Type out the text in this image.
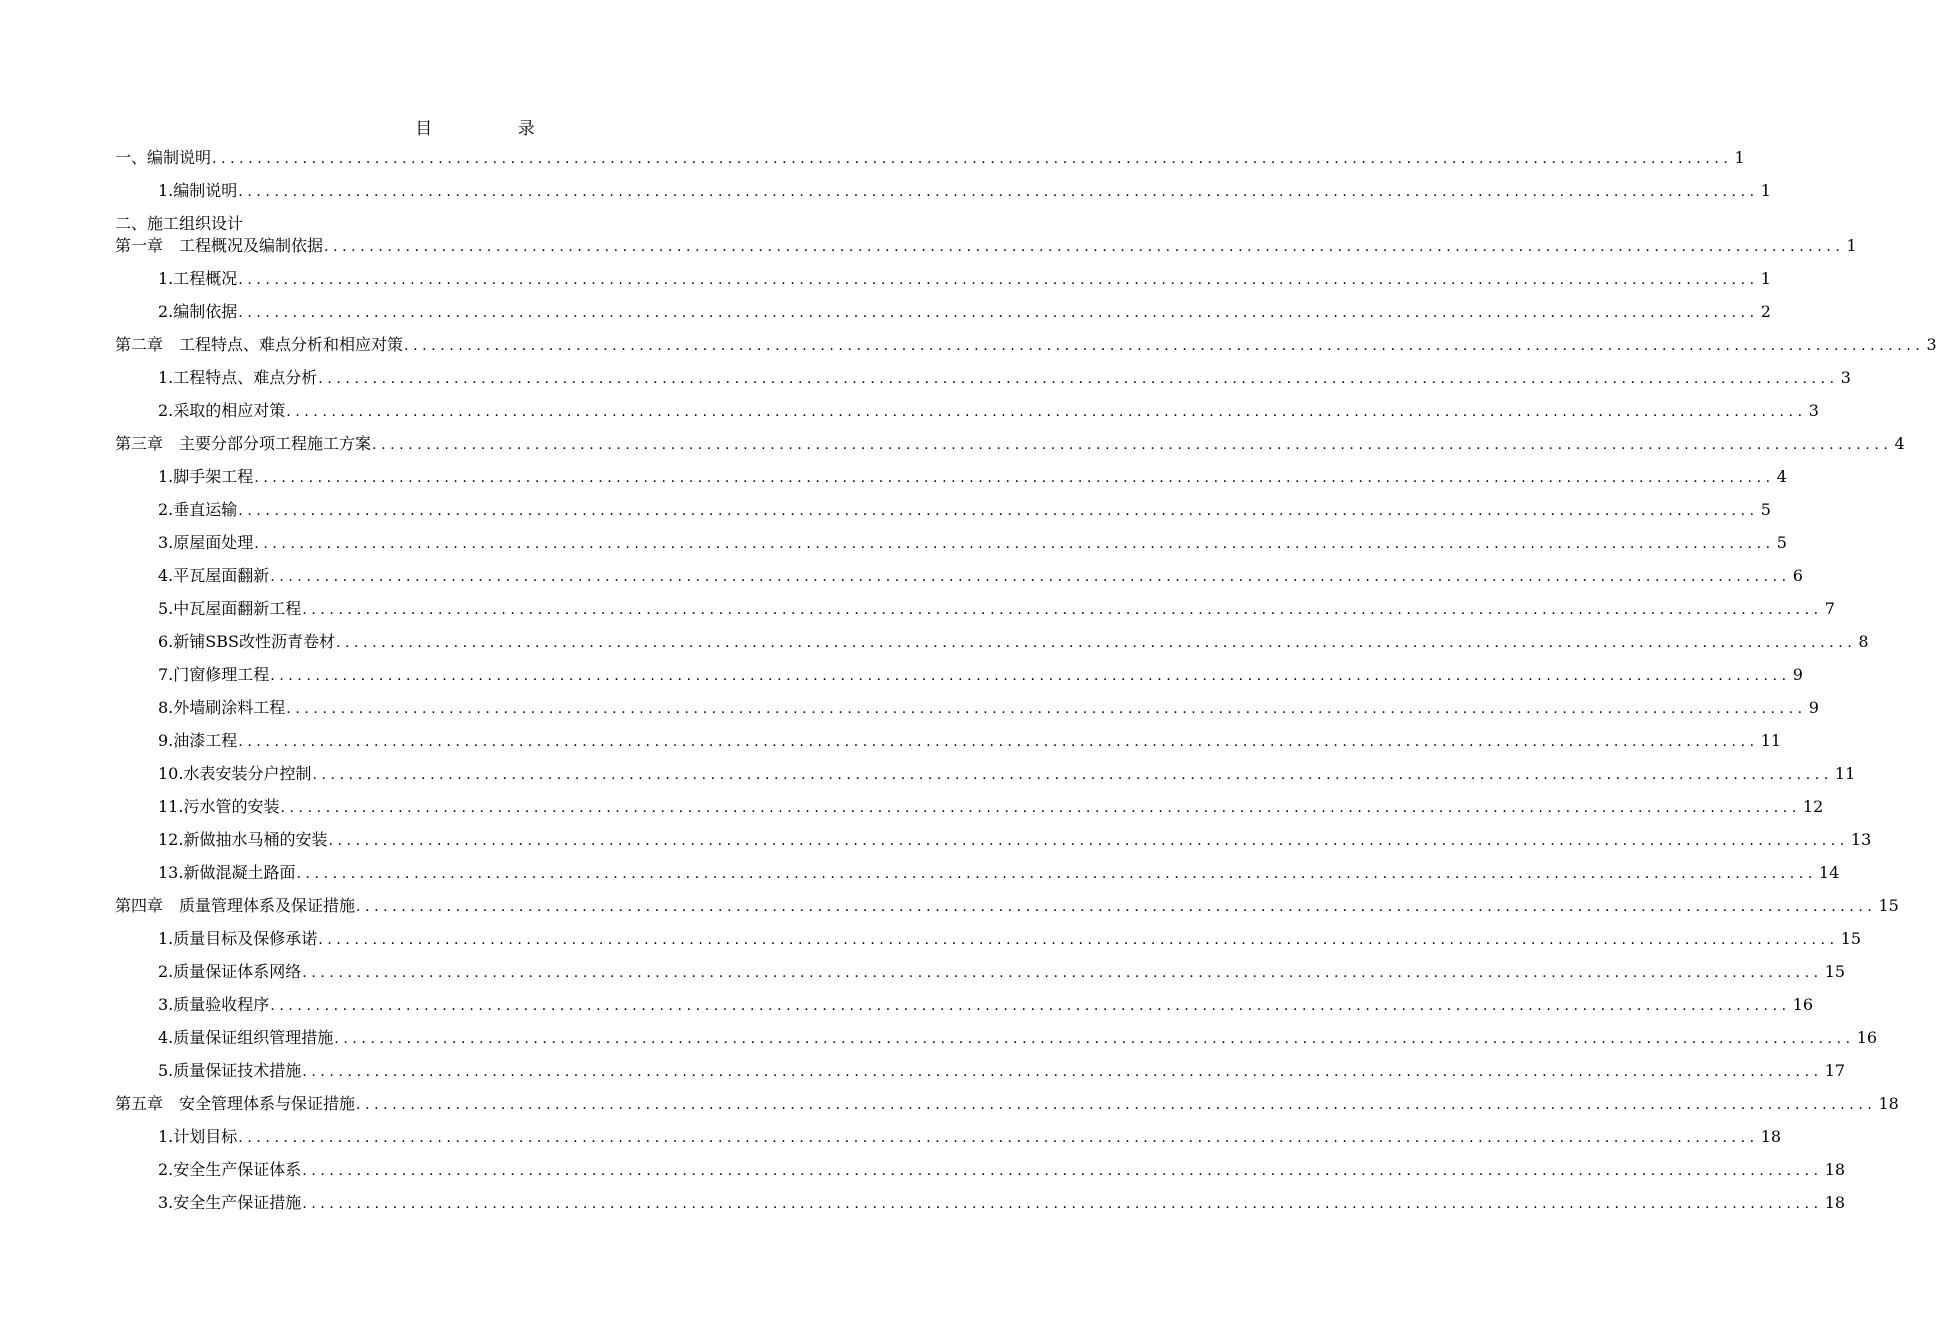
目 录
一、编制说明 ........................................................................................................................................................................ 1
1.编制说明 ........................................................................................................................................................................ 1
二、施工组织设计
第一章　工程概况及编制依据 ........................................................................................................................................................................ 1
1.工程概况 ........................................................................................................................................................................ 1
2.编制依据 ........................................................................................................................................................................ 2
第二章　工程特点、难点分析和相应对策 ........................................................................................................................................................................ 3
1.工程特点、难点分析 ........................................................................................................................................................................ 3
2.采取的相应对策 ........................................................................................................................................................................ 3
第三章　主要分部分项工程施工方案 ........................................................................................................................................................................ 4
1.脚手架工程 ........................................................................................................................................................................ 4
2.垂直运输 ........................................................................................................................................................................ 5
3.原屋面处理 ........................................................................................................................................................................ 5
4.平瓦屋面翻新 ........................................................................................................................................................................ 6
5.中瓦屋面翻新工程 ........................................................................................................................................................................ 7
6.新铺SBS改性沥青卷材 ........................................................................................................................................................................ 8
7.门窗修理工程 ........................................................................................................................................................................ 9
8.外墙刷涂料工程 ........................................................................................................................................................................ 9
9.油漆工程 ........................................................................................................................................................................ 11
10.水表安装分户控制 ........................................................................................................................................................................ 11
11.污水管的安装 ........................................................................................................................................................................ 12
12.新做抽水马桶的安装 ........................................................................................................................................................................ 13
13.新做混凝土路面 ........................................................................................................................................................................ 14
第四章　质量管理体系及保证措施 ........................................................................................................................................................................ 15
1.质量目标及保修承诺 ........................................................................................................................................................................ 15
2.质量保证体系网络 ........................................................................................................................................................................ 15
3.质量验收程序 ........................................................................................................................................................................ 16
4.质量保证组织管理措施 ........................................................................................................................................................................ 16
5.质量保证技术措施 ........................................................................................................................................................................ 17
第五章　安全管理体系与保证措施 ........................................................................................................................................................................ 18
1.计划目标 ........................................................................................................................................................................ 18
2.安全生产保证体系 ........................................................................................................................................................................ 18
3.安全生产保证措施 ........................................................................................................................................................................ 18
